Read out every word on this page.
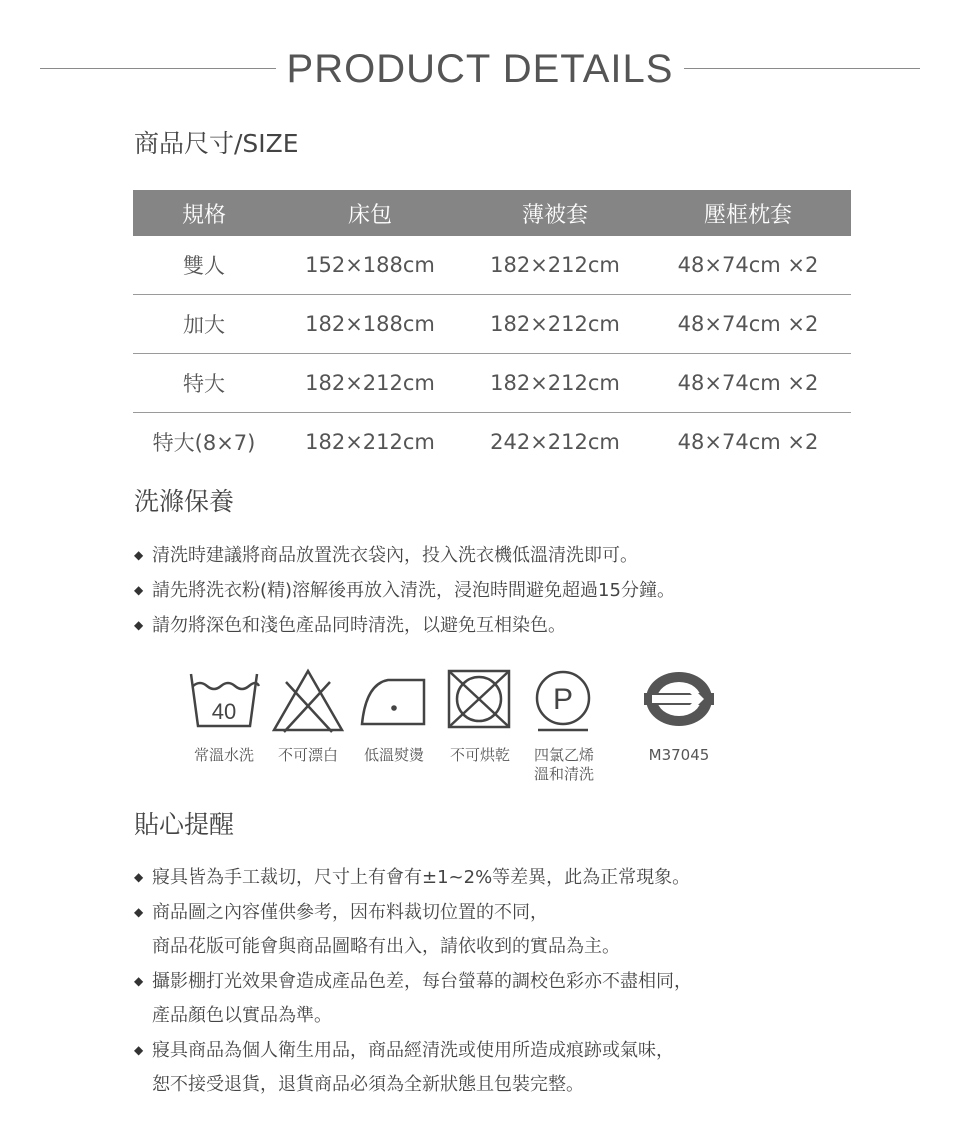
PRODUCT DETAILS
商品尺寸/SIZE
規格	床包	薄被套	壓框枕套
雙人	152×188cm	182×212cm	48×74cm ×2
加大	182×188cm	182×212cm	48×74cm ×2
特大	182×212cm	182×212cm	48×74cm ×2
特大(8×7)	182×212cm	242×212cm	48×74cm ×2
洗滌保養
◆ 清洗時建議將商品放置洗衣袋內，投入洗衣機低溫清洗即可。
◆ 請先將洗衣粉(精)溶解後再放入清洗，浸泡時間避免超過15分鐘。
◆ 請勿將深色和淺色產品同時清洗，以避免互相染色。
40	P
常溫水洗	不可漂白	低溫熨燙	不可烘乾	四氯乙烯
溫和清洗
M37045
貼心提醒
◆ 寢具皆為手工裁切，尺寸上有會有±1~2%等差異，此為正常現象。
◆ 商品圖之內容僅供參考，因布料裁切位置的不同，
商品花版可能會與商品圖略有出入，請依收到的實品為主。
◆ 攝影棚打光效果會造成產品色差，每台螢幕的調校色彩亦不盡相同，
產品顏色以實品為準。
◆ 寢具商品為個人衛生用品，商品經清洗或使用所造成痕跡或氣味，
恕不接受退貨，退貨商品必須為全新狀態且包裝完整。
